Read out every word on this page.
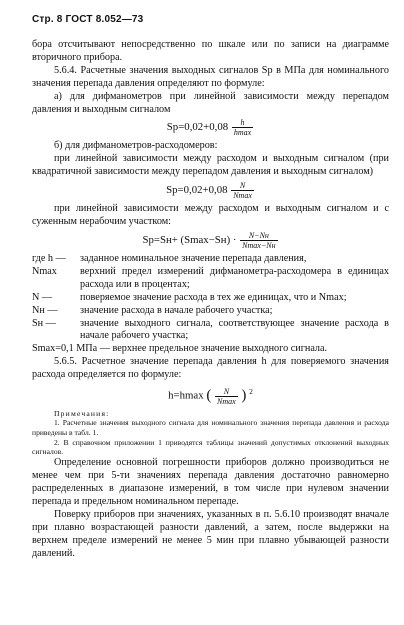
Стр. 8 ГОСТ 8.052—73

бора отсчитывают непосредственно по шкале или по записи на диаграмме вторичного прибора.

5.6.4. Расчетные значения выходных сигналов Sр в МПа для номинального значения перепада давления определяют по формуле:

а) для дифманометров при линейной зависимости между перепадом давления и выходным сигналом

$Sр=0,02+0,08 \frac{h}{hmax}$

б) для дифманометров-расходомеров:

при линейной зависимости между расходом и выходным сигналом (при квадратичной зависимости между перепадом давления и выходным сигналом)

$Sр=0,02+0,08 \frac{N}{Nmax}$

при линейной зависимости между расходом и выходным сигналом и с суженным нерабочим участком:

$Sр=Sн+ (Smax-Sн) \cdot \frac{N-Nн}{Nmax-Nн}$
где h —	заданное номинальное значение перепада давления,
Nmax	верхний предел измерений дифманометра-расходомера в единицах расхода или в процентах;
N —	поверяемое значение расхода в тех же единицах, что и Nmax;
Nн —	значение расхода в начале рабочего участка;
Sн —	значение выходного сигнала, соответствующее значение расхода в начале рабочего участка;

Smax=0,1 МПа — верхнее предельное значение выходного сигнала.

5.6.5. Расчетное значение перепада давления h для поверяемого значения расхода определяется по формуле:

h=hmax ( $\frac{N}{Nmax}$ ) $^2$

Примечания:

1. Расчетные значения выходного сигнала для номинального значения перепада давления и расхода приведены в табл. 1.

2. В справочном приложении 1 приводятся таблицы значений допустимых отклонений выходных сигналов.

Определение основной погрешности приборов должно производиться не менее чем при 5-ти значениях перепада давления достаточно равномерно распределенных в диапазоне измерений, в том числе при нулевом значении перепада и предельном номинальном перепаде.

Поверку приборов при значениях, указанных в п. 5.6.10 производят вначале при плавно возрастающей разности давлений, а затем, после выдержки на верхнем пределе измерений не менее 5 мин при плавно убывающей разности давлений.
